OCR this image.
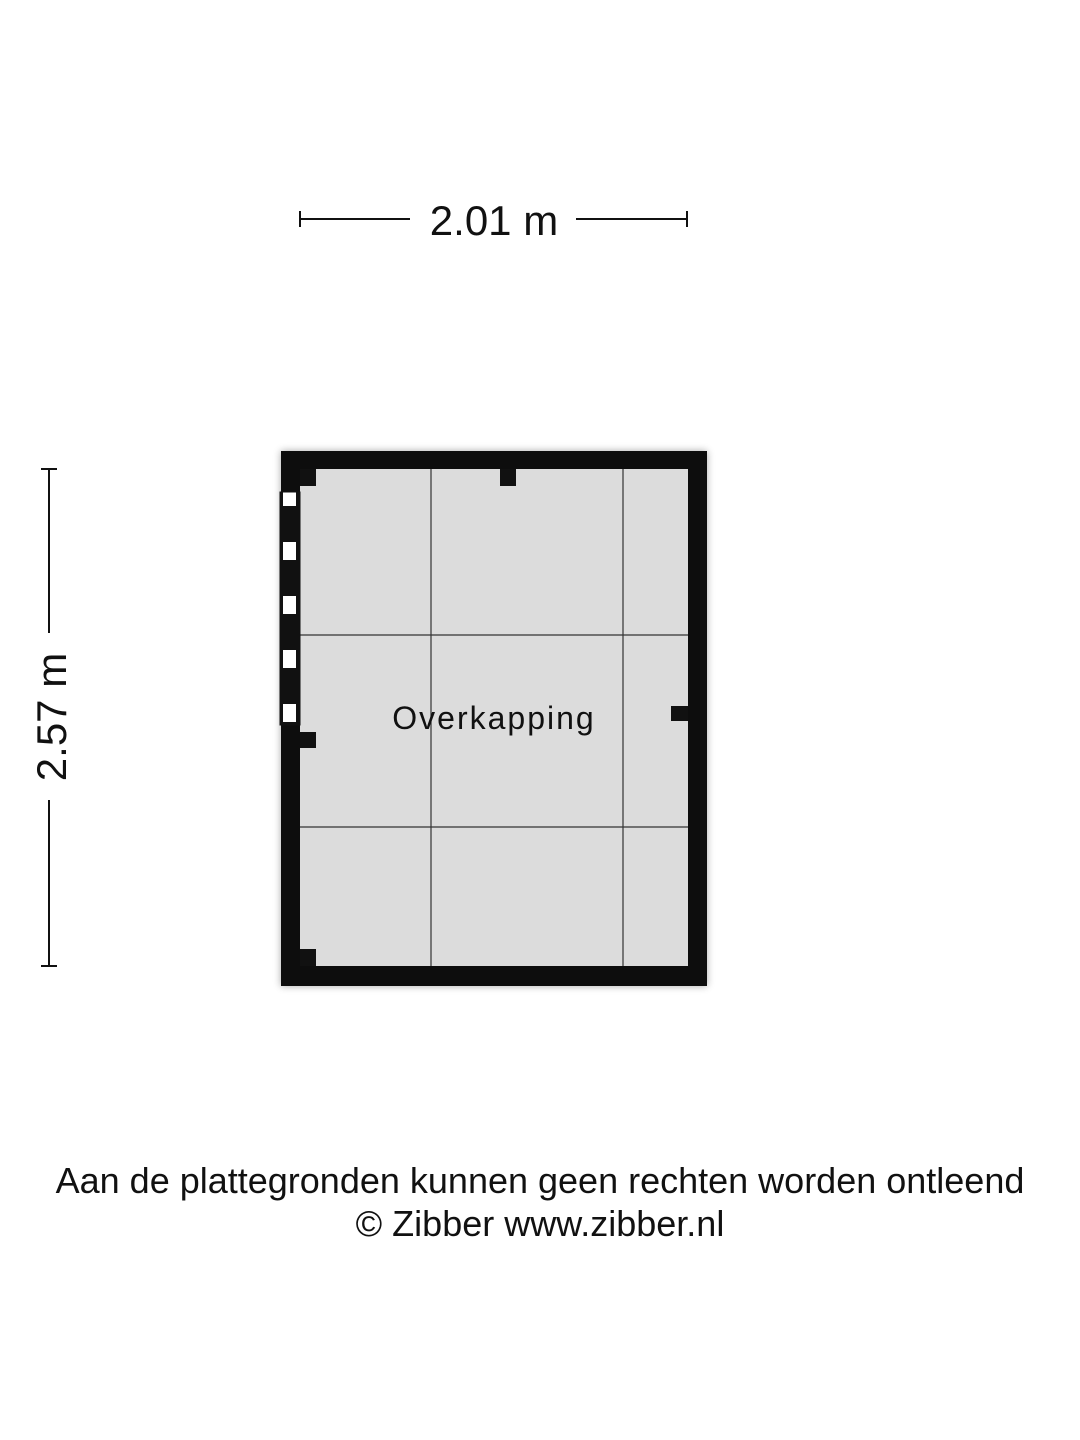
2.01 m
2.57 m	Overkapping
Aan de plattegronden kunnen geen rechten worden ontleend
© Zibber www.zibber.nl
